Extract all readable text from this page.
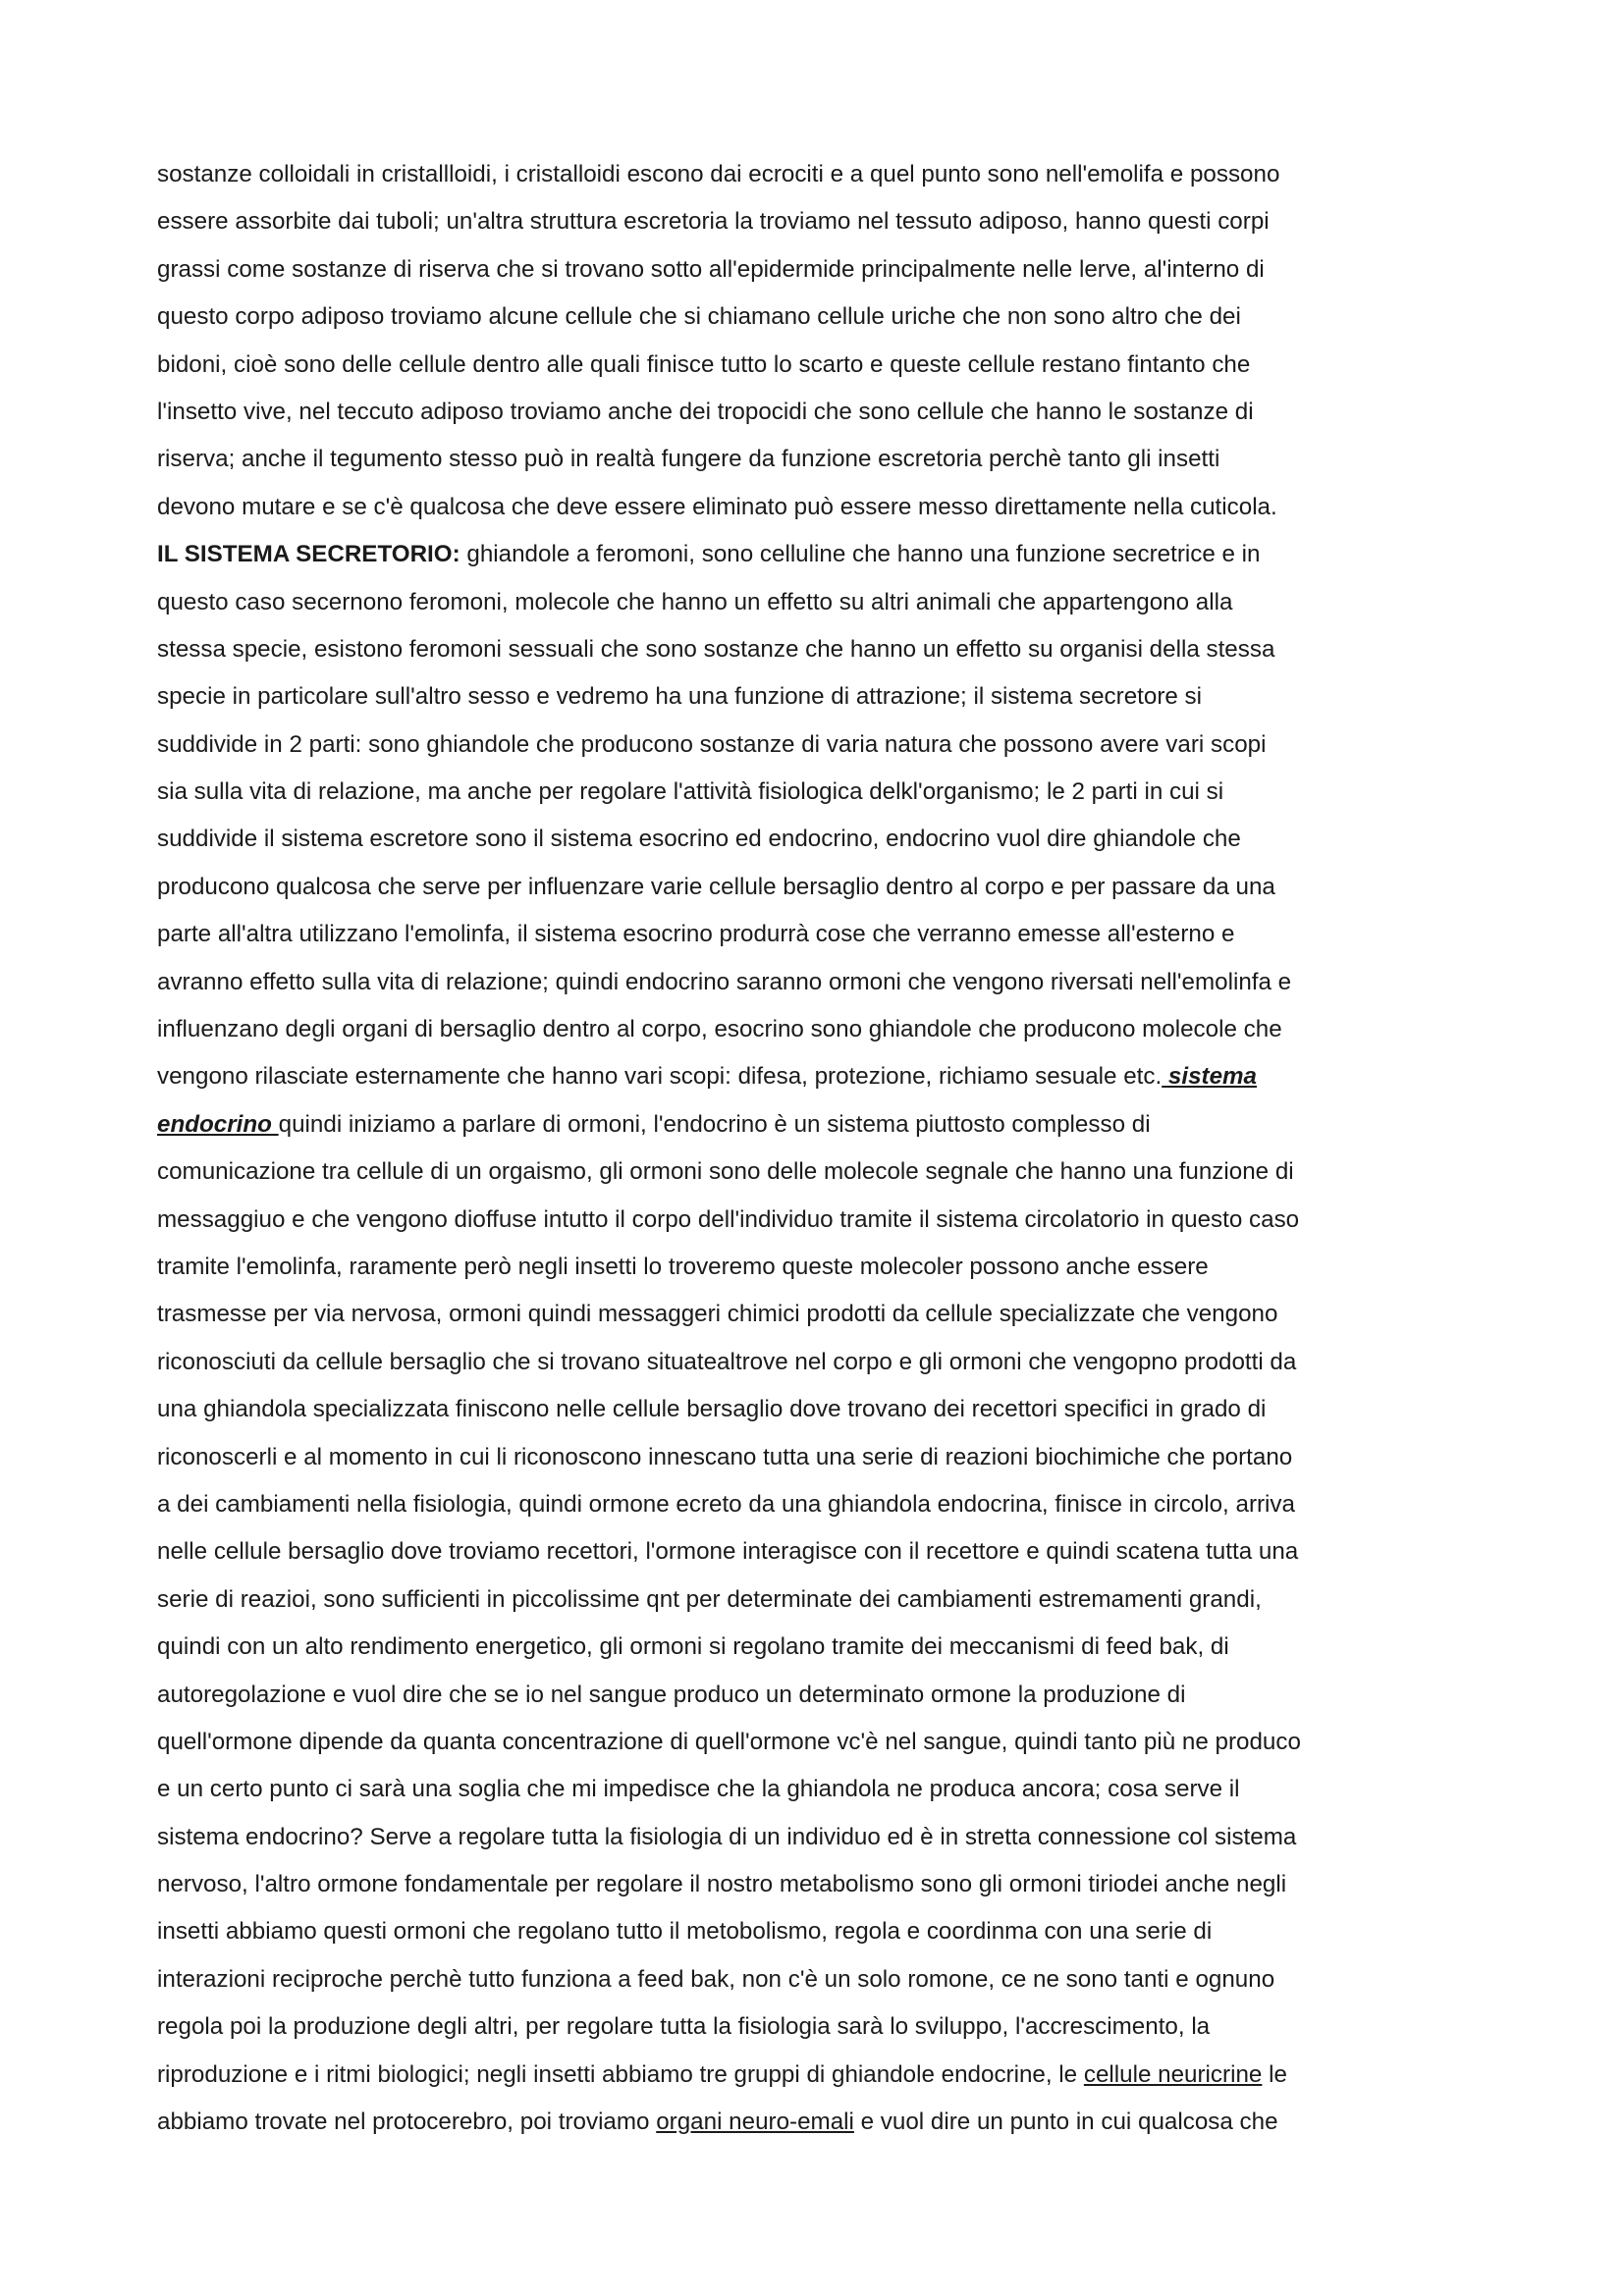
sostanze colloidali in cristallloidi, i cristalloidi escono dai ecrociti e a quel punto sono nell'emolifa e possono
essere assorbite dai tuboli; un'altra struttura escretoria la troviamo nel tessuto adiposo, hanno questi corpi
grassi come sostanze di riserva che si trovano sotto all'epidermide principalmente nelle lerve, al'interno di
questo corpo adiposo troviamo alcune cellule che si chiamano cellule uriche che non sono altro che dei
bidoni, cioè sono delle cellule dentro alle quali finisce tutto lo scarto e queste cellule restano fintanto che
l'insetto vive, nel teccuto adiposo troviamo anche dei tropocidi che sono cellule che hanno le sostanze di
riserva; anche il tegumento stesso può in realtà fungere da funzione escretoria perchè tanto gli insetti
devono mutare e se c'è qualcosa che deve essere eliminato può essere messo direttamente nella cuticola.
IL SISTEMA SECRETORIO: ghiandole a feromoni, sono celluline che hanno una funzione secretrice e in
questo caso secernono feromoni, molecole che hanno un effetto su altri animali che appartengono alla
stessa specie, esistono feromoni sessuali che sono sostanze che hanno un effetto su organisi della stessa
specie in particolare sull'altro sesso e vedremo ha una funzione di attrazione; il sistema secretore si
suddivide in 2 parti: sono ghiandole che producono sostanze di varia natura che possono avere vari scopi
sia sulla vita di relazione, ma anche per regolare l'attività fisiologica delkl'organismo; le 2 parti in cui si
suddivide il sistema escretore sono il sistema esocrino ed endocrino, endocrino vuol dire ghiandole che
producono qualcosa che serve per influenzare varie cellule bersaglio dentro al corpo e per passare da una
parte all'altra utilizzano l'emolinfa, il sistema esocrino produrrà cose che verranno emesse all'esterno e
avranno effetto sulla vita di relazione; quindi endocrino saranno ormoni che vengono riversati nell'emolinfa e
influenzano degli organi di bersaglio dentro al corpo, esocrino sono ghiandole che producono molecole che
vengono rilasciate esternamente che hanno vari scopi: difesa, protezione, richiamo sesuale etc. sistema
endocrino quindi iniziamo a parlare di ormoni, l'endocrino è un sistema piuttosto complesso di
comunicazione tra cellule di un orgaismo, gli ormoni sono delle molecole segnale che hanno una funzione di
messaggiuo e che vengono dioffuse intutto il corpo dell'individuo tramite il sistema circolatorio in questo caso
tramite l'emolinfa, raramente però negli insetti lo troveremo queste molecoler possono anche essere
trasmesse per via nervosa, ormoni quindi messaggeri chimici prodotti da cellule specializzate che vengono
riconosciuti da cellule bersaglio che si trovano situatealtrove nel corpo e gli ormoni che vengopno prodotti da
una ghiandola specializzata finiscono nelle cellule bersaglio dove trovano dei recettori specifici in grado di
riconoscerli e al momento in cui li riconoscono innescano tutta una serie di reazioni biochimiche che portano
a dei cambiamenti nella fisiologia, quindi ormone ecreto da una ghiandola endocrina, finisce in circolo, arriva
nelle cellule bersaglio dove troviamo recettori, l'ormone interagisce con il recettore e quindi scatena tutta una
serie di reazioi, sono sufficienti in piccolissime qnt per determinate dei cambiamenti estremamenti grandi,
quindi con un alto rendimento energetico, gli ormoni si regolano tramite dei meccanismi di feed bak, di
autoregolazione e vuol dire che se io nel sangue produco un determinato ormone la produzione di
quell'ormone dipende da quanta concentrazione di quell'ormone vc'è nel sangue, quindi tanto più ne produco
e un certo punto ci sarà una soglia che mi impedisce che la ghiandola ne produca ancora; cosa serve il
sistema endocrino? Serve a regolare tutta la fisiologia di un individuo ed è in stretta connessione col sistema
nervoso, l'altro ormone fondamentale per regolare il nostro metabolismo sono gli ormoni tiriodei anche negli
insetti abbiamo questi ormoni che regolano tutto il metobolismo, regola e coordinma con una serie di
interazioni reciproche perchè tutto funziona a feed bak, non c'è un solo romone, ce ne sono tanti e ognuno
regola poi la produzione degli altri, per regolare tutta la fisiologia sarà lo sviluppo, l'accrescimento, la
riproduzione e i ritmi biologici; negli insetti abbiamo tre gruppi di ghiandole endocrine, le cellule neuricrine le
abbiamo trovate nel protocerebro, poi troviamo organi neuro-emali e vuol dire un punto in cui qualcosa che
